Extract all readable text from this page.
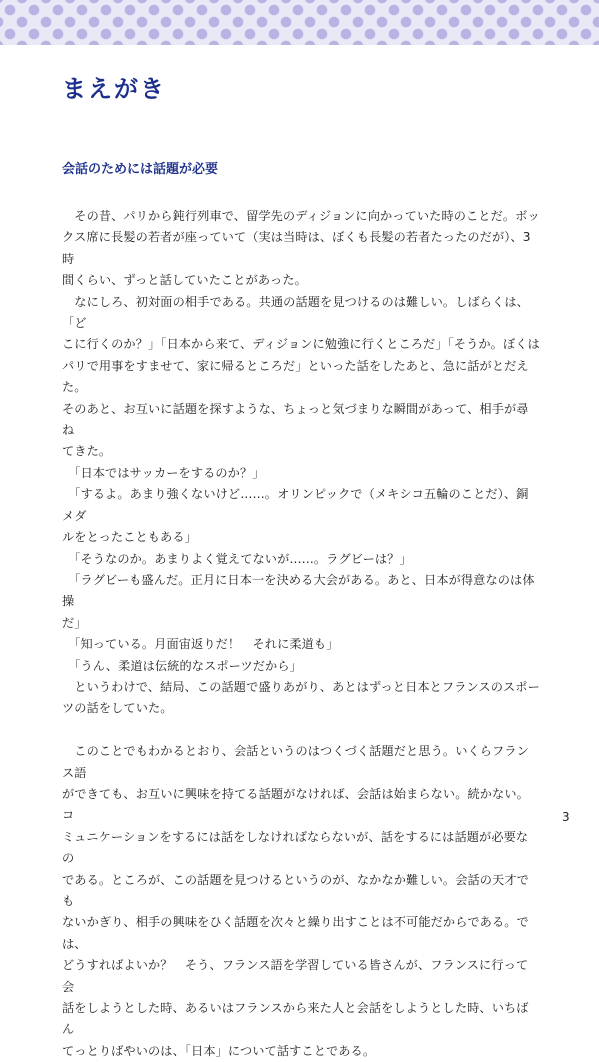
まえがき
会話のためには話題が必要

　その昔、パリから鈍行列車で、留学先のディジョンに向かっていた時のことだ。ボッ

クス席に長髪の若者が座っていて（実は当時は、ぼくも長髪の若者たったのだが）、3時

間くらい、ずっと話していたことがあった。

　なにしろ、初対面の相手である。共通の話題を見つけるのは難しい。しばらくは、「ど

こに行くのか？」「日本から来て、ディジョンに勉強に行くところだ」「そうか。ぼくは

パリで用事をすませて、家に帰るところだ」といった話をしたあと、急に話がとだえた。

そのあと、お互いに話題を探すような、ちょっと気づまりな瞬間があって、相手が尋ね

てきた。

　「日本ではサッカーをするのか？」

　「するよ。あまり強くないけど……。オリンピックで（メキシコ五輪のことだ）、銅メダ

ルをとったこともある」

　「そうなのか。あまりよく覚えてないが……。ラグビーは？」

　「ラグビーも盛んだ。正月に日本一を決める大会がある。あと、日本が得意なのは体操

だ」

　「知っている。月面宙返りだ！　それに柔道も」

　「うん、柔道は伝統的なスポーツだから」

　というわけで、結局、この話題で盛りあがり、あとはずっと日本とフランスのスポー

ツの話をしていた。

　このことでもわかるとおり、会話というのはつくづく話題だと思う。いくらフランス語

ができても、お互いに興味を持てる話題がなければ、会話は始まらない。続かない。コ

ミュニケーションをするには話をしなければならないが、話をするには話題が必要なの

である。ところが、この話題を見つけるというのが、なかなか難しい。会話の天才でも

ないかぎり、相手の興味をひく話題を次々と繰り出すことは不可能だからである。では、

どうすればよいか？　そう、フランス語を学習している皆さんが、フランスに行って会

話をしようとした時、あるいはフランスから来た人と会話をしようとした時、いちばん

てっとりばやいのは、「日本」について話すことである。

3
